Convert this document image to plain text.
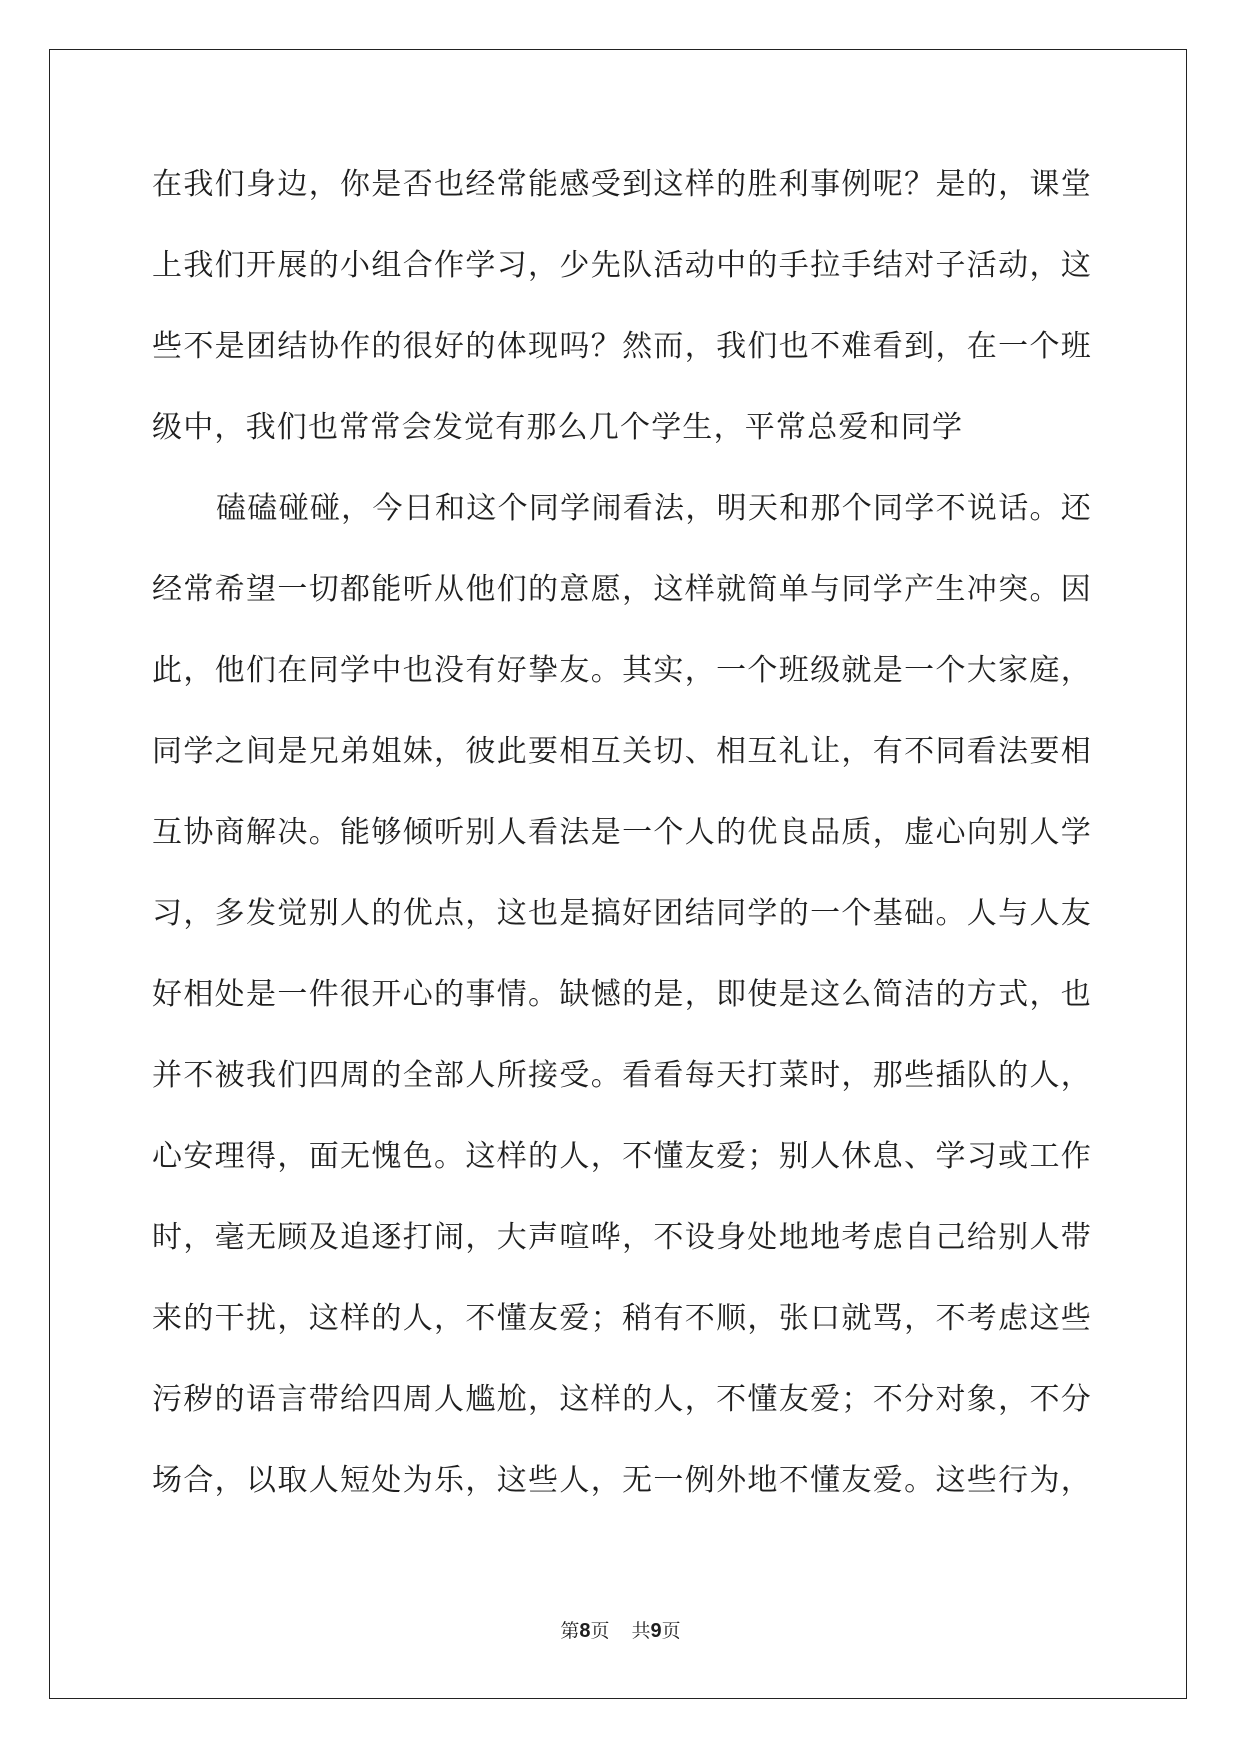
在我们身边，你是否也经常能感受到这样的胜利事例呢？是的，课堂
上我们开展的小组合作学习，少先队活动中的手拉手结对子活动，这
些不是团结协作的很好的体现吗？然而，我们也不难看到，在一个班
级中，我们也常常会发觉有那么几个学生，平常总爱和同学
磕磕碰碰，今日和这个同学闹看法，明天和那个同学不说话。还
经常希望一切都能听从他们的意愿，这样就简单与同学产生冲突。因
此，他们在同学中也没有好挚友。其实，一个班级就是一个大家庭，
同学之间是兄弟姐妹，彼此要相互关切、相互礼让，有不同看法要相
互协商解决。能够倾听别人看法是一个人的优良品质，虚心向别人学
习，多发觉别人的优点，这也是搞好团结同学的一个基础。人与人友
好相处是一件很开心的事情。缺憾的是，即使是这么简洁的方式，也
并不被我们四周的全部人所接受。看看每天打菜时，那些插队的人，
心安理得，面无愧色。这样的人，不懂友爱；别人休息、学习或工作
时，毫无顾及追逐打闹，大声喧哗，不设身处地地考虑自己给别人带
来的干扰，这样的人，不懂友爱；稍有不顺，张口就骂，不考虑这些
污秽的语言带给四周人尴尬，这样的人，不懂友爱；不分对象，不分
场合，以取人短处为乐，这些人，无一例外地不懂友爱。这些行为，
第8页 共9页
